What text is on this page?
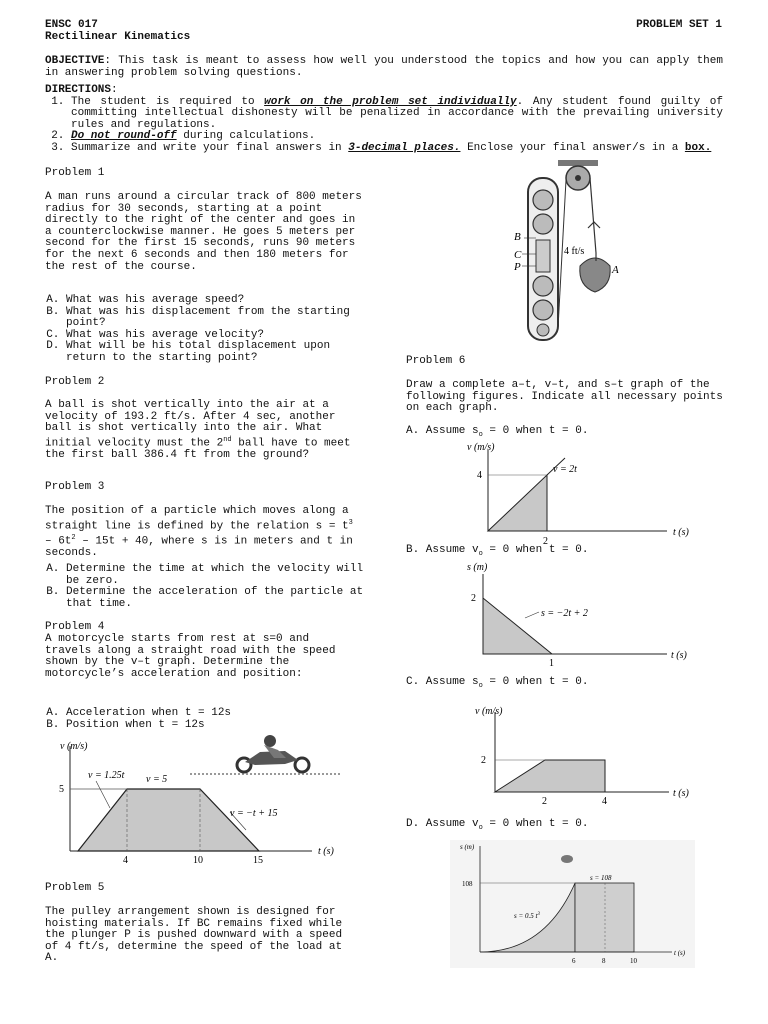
ENSC 017	PROBLEM SET 1
Rectilinear Kinematics
OBJECTIVE: This task is meant to assess how well you understood the topics and how you can apply them in answering problem solving questions.
DIRECTIONS:
1. The student is required to work on the problem set individually. Any student found guilty of committing intellectual dishonesty will be penalized in accordance with the prevailing university rules and regulations.
2. Do not round-off during calculations.
3. Summarize and write your final answers in 3-decimal places. Enclose your final answer/s in a box.
Problem 1
A man runs around a circular track of 800 meters radius for 30 seconds, starting at a point directly to the right of the center and goes in a counterclockwise manner. He goes 5 meters per second for the first 15 seconds, runs 90 meters for the next 6 seconds and then 180 meters for the rest of the course.
A. What was his average speed?
B. What was his displacement from the starting point?
C. What was his average velocity?
D. What will be his total displacement upon return to the starting point?
Problem 2
A ball is shot vertically into the air at a velocity of 193.2 ft/s. After 4 sec, another ball is shot vertically into the air. What initial velocity must the 2nd ball have to meet the first ball 386.4 ft from the ground?
Problem 3
The position of a particle which moves along a straight line is defined by the relation $s = t^3 - 6t^2 - 15t + 40$, where s is in meters and t in seconds.
A. Determine the time at which the velocity will be zero.
B. Determine the acceleration of the particle at that time.
Problem 4
A motorcycle starts from rest at s=0 and travels along a straight road with the speed shown by the v–t graph. Determine the motorcycle’s acceleration and position:
A. Acceleration when t = 12s
B. Position when t = 12s
v (m/s)
t (s)
v = 1.25t v = 5
v = −t + 15
5
4	10	15
Problem 5
The pulley arrangement shown is designed for hoisting materials. If BC remains fixed while the plunger P is pushed downward with a speed of 4 ft/s, determine the speed of the load at A.
B
C
P	A
4 ft/s
Problem 6
Draw a complete a–t, v–t, and s–t graph of the following figures. Indicate all necessary points on each graph.
A. Assume $s_o = 0$ when t = 0.
v (m/s)
t (s)
v = 2t
4
2
B. Assume $v_o = 0$ when t = 0.
s (m)
t (s)
s = −2t + 2
2
1
C. Assume $s_o = 0$ when t = 0.
v (m/s)
t (s)
2
2	4
D. Assume $v_o = 0$ when t = 0.
s (m)
t (s)
s = 108
s = 0.5 $t^3$
108
6	8	10
